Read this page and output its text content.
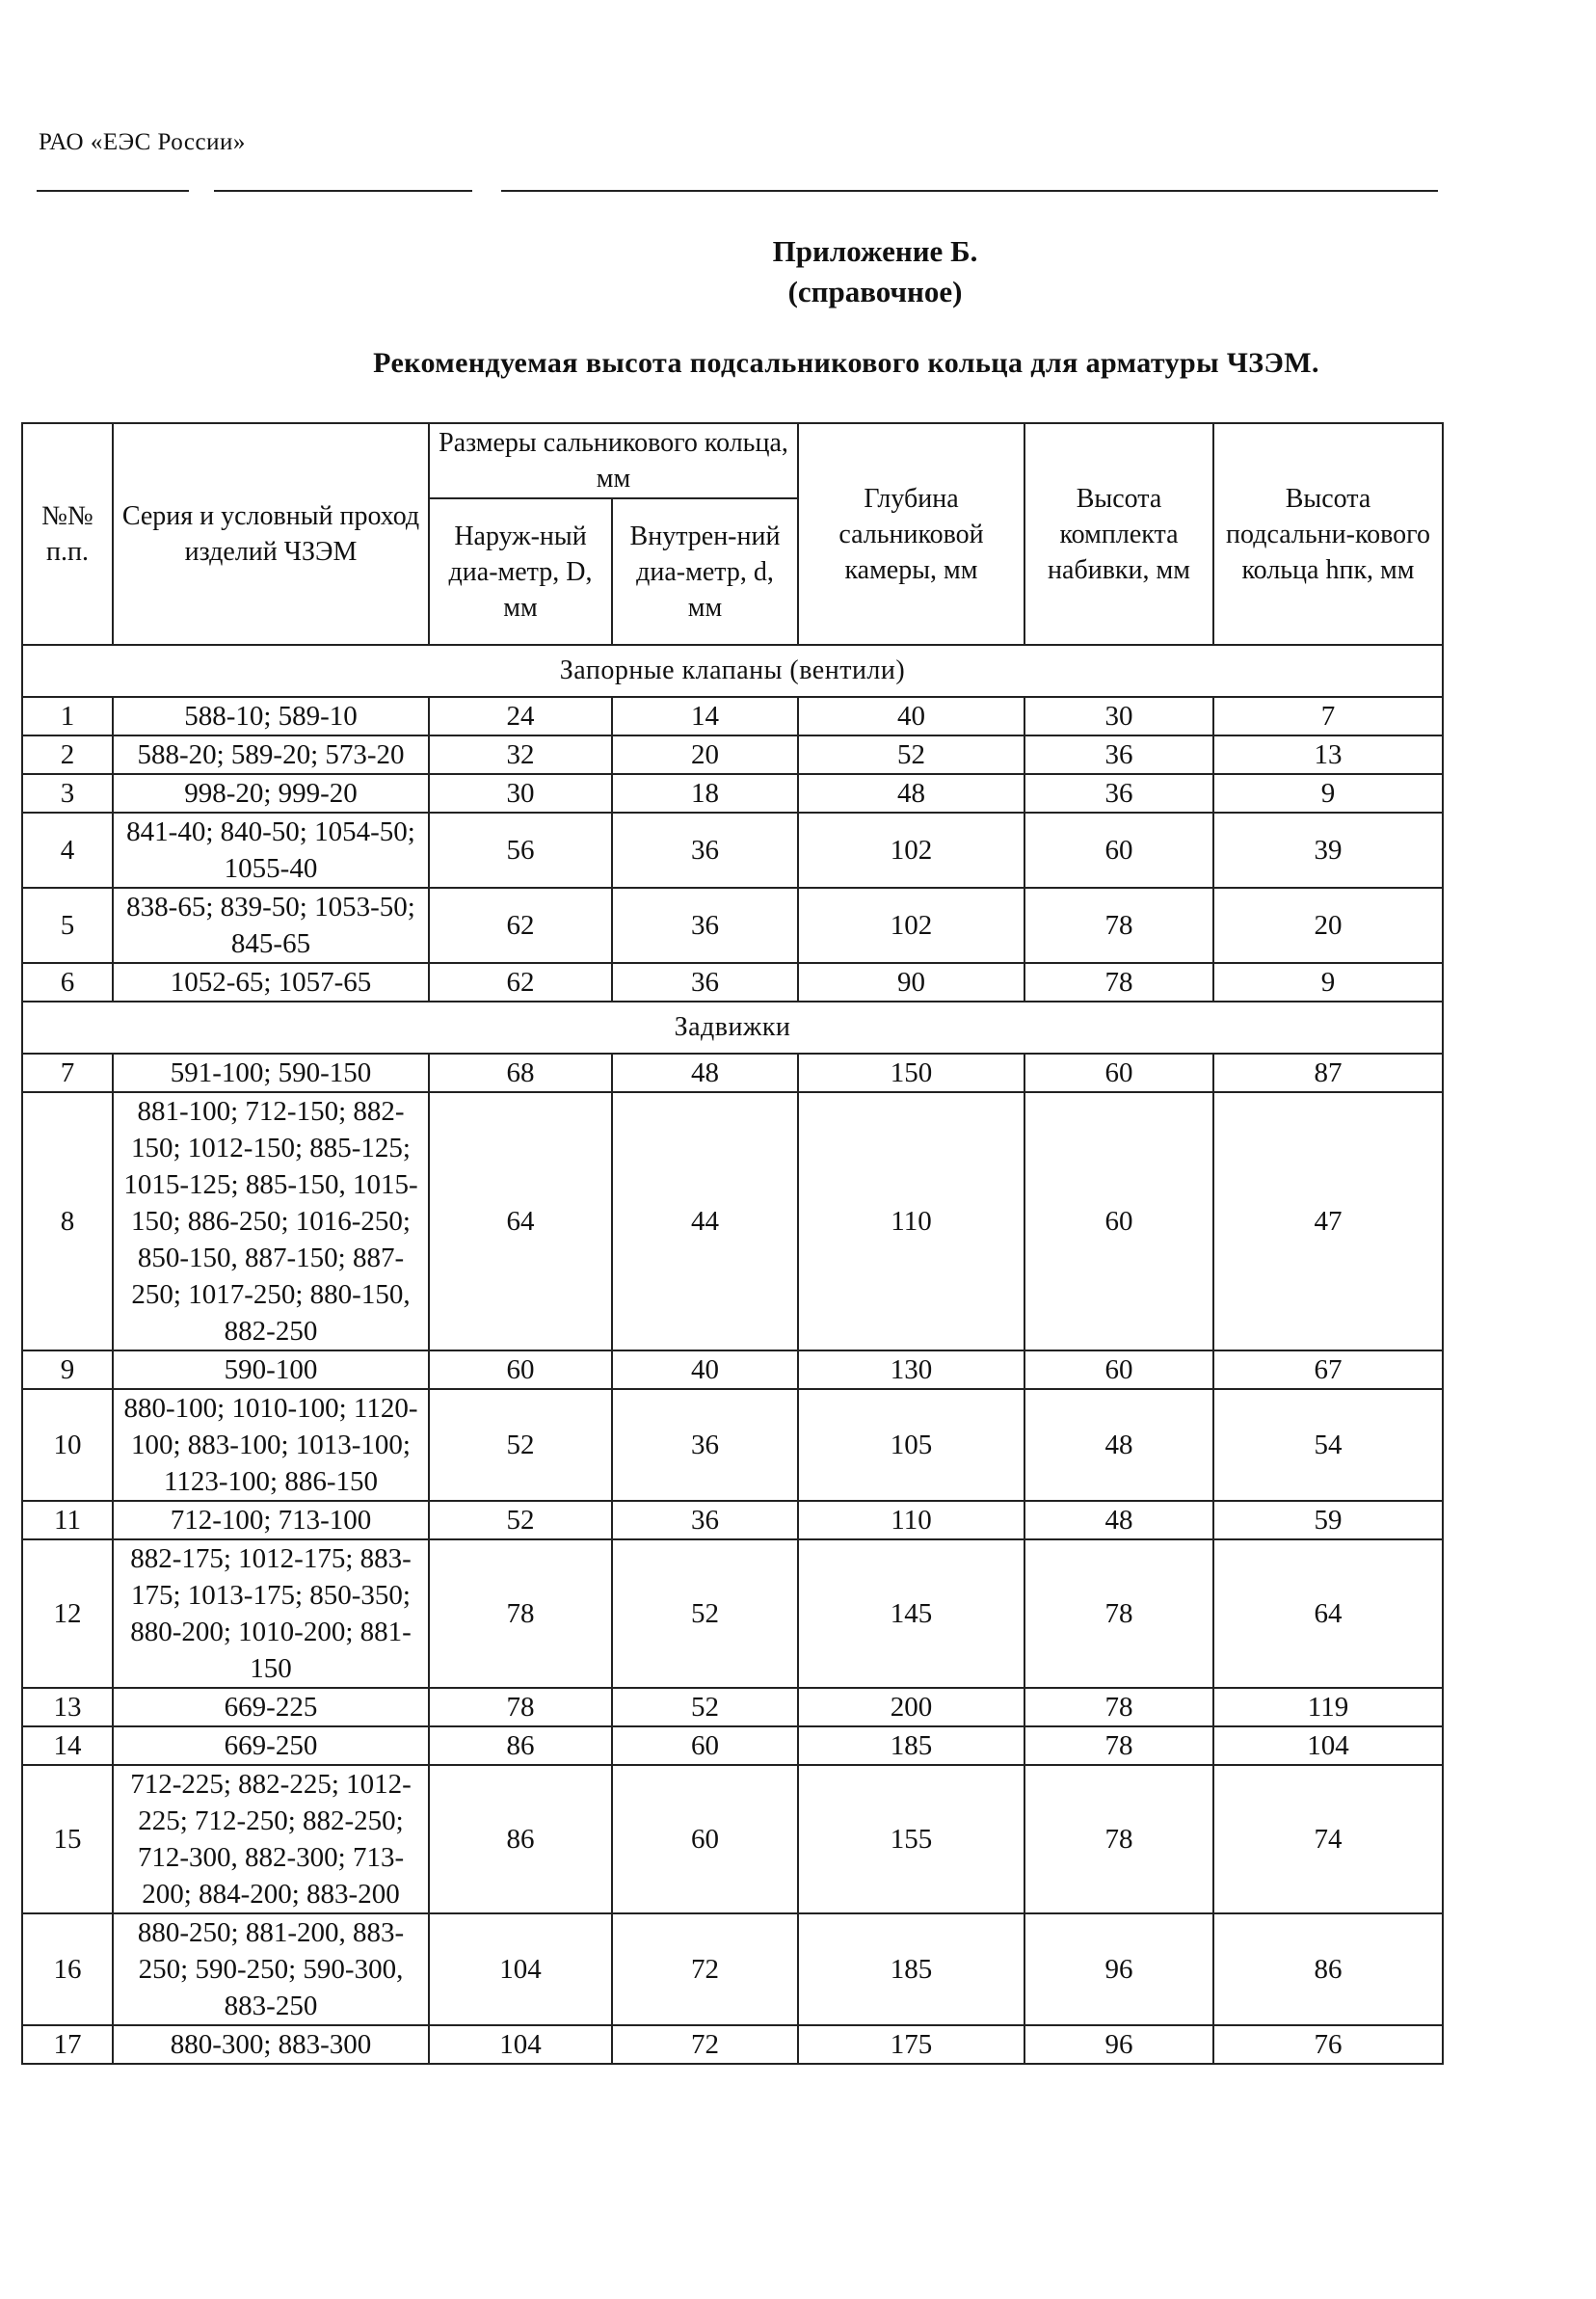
РАО «ЕЭС России»
Приложение Б.
(справочное)
Рекомендуемая высота подсальникового кольца для арматуры ЧЗЭМ.
№№ п.п.	Серия и условный проход изделий ЧЗЭМ	Размеры сальникового кольца, мм		Глубина сальниковой камеры, мм	Высота комплекта набивки, мм	Высота подсальни-кового кольца hпк, мм
		Наруж-ный диа-метр, D, мм	Внутрен-ний диа-метр, d, мм			
Запорные клапаны (вентили)						
1	588-10; 589-10	24	14	40	30	7
2	588-20; 589-20; 573-20	32	20	52	36	13
3	998-20; 999-20	30	18	48	36	9
4	841-40; 840-50; 1054-50; 1055-40	56	36	102	60	39
5	838-65; 839-50; 1053-50; 845-65	62	36	102	78	20
6	1052-65; 1057-65	62	36	90	78	9
Задвижки						
7	591-100; 590-150	68	48	150	60	87
8	881-100; 712-150; 882-150; 1012-150; 885-125; 1015-125; 885-150, 1015-150; 886-250; 1016-250; 850-150, 887-150; 887-250; 1017-250; 880-150, 882-250	64	44	110	60	47
9	590-100	60	40	130	60	67
10	880-100; 1010-100; 1120-100; 883-100; 1013-100; 1123-100; 886-150	52	36	105	48	54
11	712-100; 713-100	52	36	110	48	59
12	882-175; 1012-175; 883-175; 1013-175; 850-350; 880-200; 1010-200; 881-150	78	52	145	78	64
13	669-225	78	52	200	78	119
14	669-250	86	60	185	78	104
15	712-225; 882-225; 1012-225; 712-250; 882-250; 712-300, 882-300; 713-200; 884-200; 883-200	86	60	155	78	74
16	880-250; 881-200, 883-250; 590-250; 590-300, 883-250	104	72	185	96	86
17	880-300; 883-300	104	72	175	96	76
